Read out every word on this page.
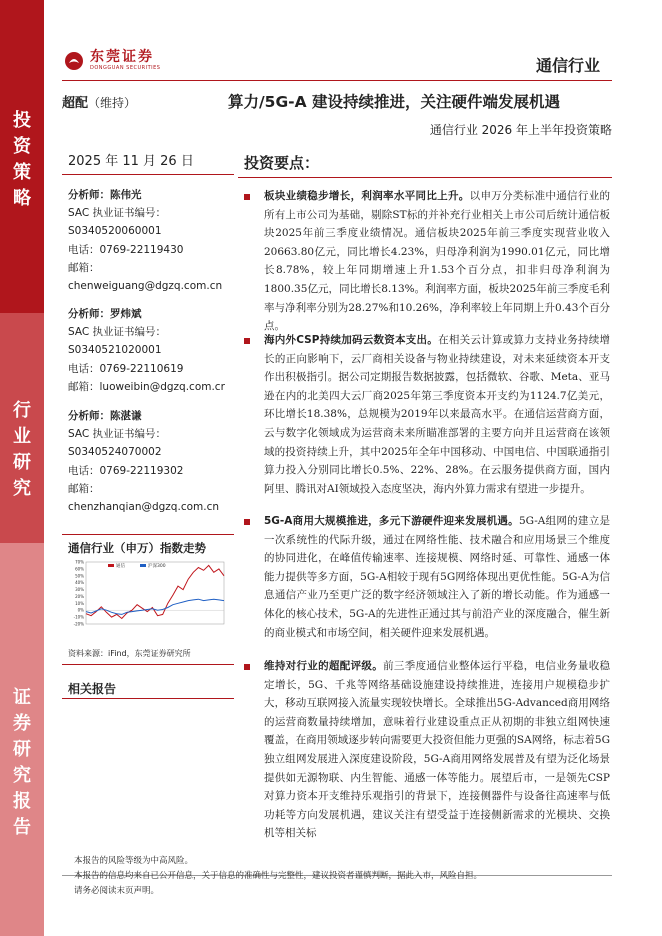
投
资
策
略
行
业
研
究
证
券
研
究
报
告
东莞证券
DONGGUAN SECURITIES	通信行业
超配（维持）	算力/5G-A 建设持续推进，关注硬件端发展机遇
通信行业 2026 年上半年投资策略
2025 年 11 月 26 日
分析师：陈伟光
SAC 执业证书编号：
S0340520060001
电话：0769-22119430
邮箱：
chenweiguang@dgzq.com.cn
分析师：罗炜斌
SAC 执业证书编号：
S0340521020001
电话：0769-22110619
邮箱：luoweibin@dgzq.com.cr
分析师：陈湛谦
SAC 执业证书编号：
S0340524070002
电话：0769-22119302
邮箱：
chenzhanqian@dgzq.com.cn
通信行业（申万）指数走势
70%
60%
50%
40%
30%
20%
10%
0%
-10%
-20%
通信	沪深300
资料来源：iFind，东莞证券研究所
相关报告
投资要点：
板块业绩稳步增长，利润率水平同比上升。以申万分类标准中通信行业的所有上市公司为基础，剔除ST标的并补充行业相关上市公司后统计通信板块2025年前三季度业绩情况。通信板块2025年前三季度实现营业收入20663.80亿元，同比增长4.23%，归母净利润为1990.01亿元，同比增长8.78%，较上年同期增速上升1.53个百分点，扣非归母净利润为1800.35亿元，同比增长8.13%。利润率方面，板块2025年前三季度毛利率与净利率分别为28.27%和10.26%，净利率较上年同期上升0.43个百分点。
海内外CSP持续加码云数资本支出。在相关云计算或算力支持业务持续增长的正向影响下，云厂商相关设备与物业持续建设，对未来延续资本开支作出积极指引。据公司定期报告数据披露，包括微软、谷歌、Meta、亚马逊在内的北美四大云厂商2025年第三季度资本开支约为1124.7亿美元，环比增长18.38%，总规模为2019年以来最高水平。在通信运营商方面，云与数字化领域成为运营商未来所瞄准部署的主要方向并且运营商在该领域的投资持续上升，其中2025年全年中国移动、中国电信、中国联通指引算力投入分别同比增长0.5%、22%、28%。在云服务提供商方面，国内阿里、腾讯对AI领域投入态度坚决，海内外算力需求有望进一步提升。
5G-A商用大规模推进，多元下游硬件迎来发展机遇。5G-A组网的建立是一次系统性的代际升级，通过在网络性能、技术融合和应用场景三个维度的协同进化，在峰值传输速率、连接规模、网络时延、可靠性、通感一体能力提供等多方面，5G-A相较于现有5G网络体现出更优性能。5G-A为信息通信产业乃至更广泛的数字经济领域注入了新的增长动能。作为通感一体化的核心技术，5G-A的先进性正通过其与前沿产业的深度融合，催生新的商业模式和市场空间，相关硬件迎来发展机遇。
维持对行业的超配评级。前三季度通信业整体运行平稳，电信业务量收稳定增长，5G、千兆等网络基础设施建设持续推进，连接用户规模稳步扩大，移动互联网接入流量实现较快增长。全球推出5G-Advanced商用网络的运营商数量持续增加，意味着行业建设重点正从初期的非独立组网快速覆盖，在商用领域逐步转向需要更大投资但能力更强的SA网络，标志着5G独立组网发展进入深度建设阶段，5G-A商用网络发展普及有望为泛化场景提供如无源物联、内生智能、通感一体等能力。展望后市，一是领先CSP对算力资本开支维持乐观指引的背景下，连接侧器件与设备往高速率与低功耗等方向发展机遇，建议关注有望受益于连接侧新需求的光模块、交换机等相关标
本报告的风险等级为中高风险。
本报告的信息均来自已公开信息，关于信息的准确性与完整性，建议投资者谨慎判断，据此入市，风险自担。
请务必阅读末页声明。
